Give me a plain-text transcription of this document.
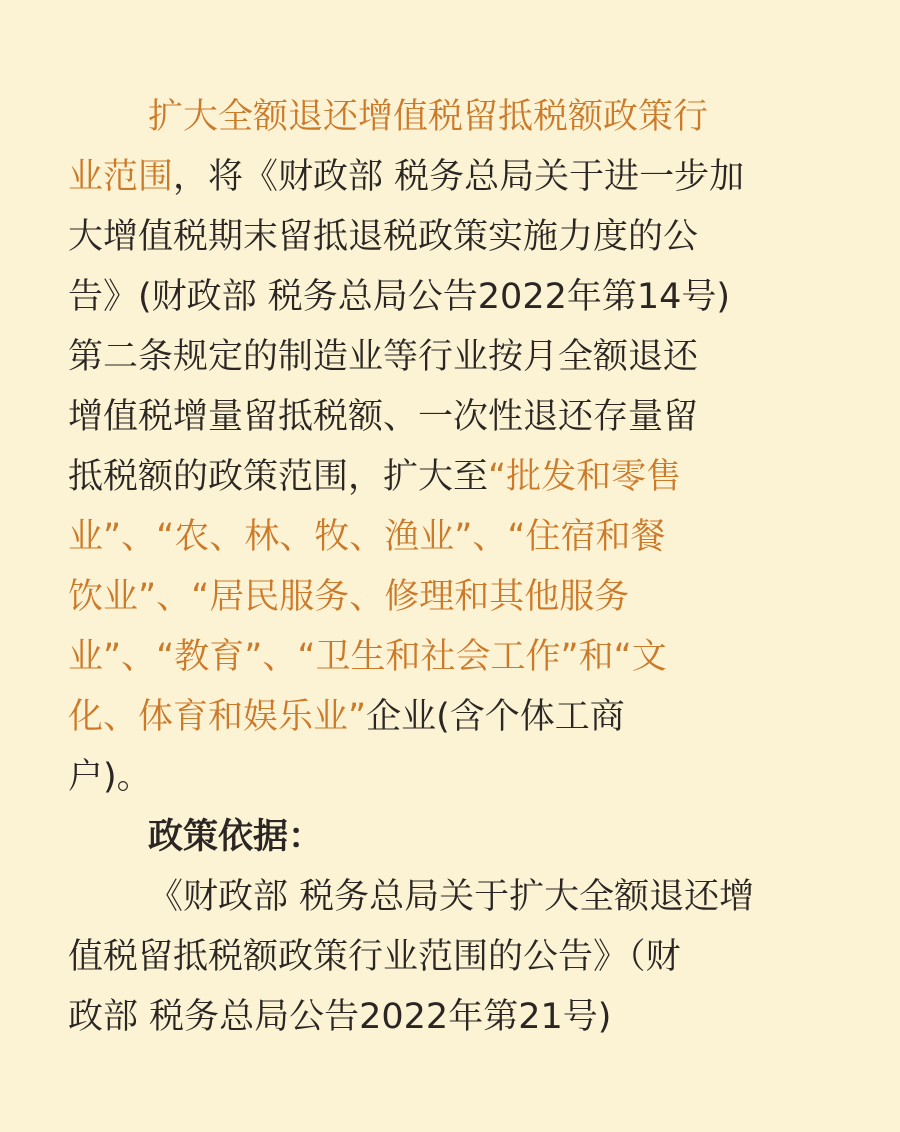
扩大全额退还增值税留抵税额政策行
业范围，将《财政部 税务总局关于进一步加
大增值税期末留抵退税政策实施力度的公
告》(财政部 税务总局公告2022年第14号)
第二条规定的制造业等行业按月全额退还
增值税增量留抵税额、一次性退还存量留
抵税额的政策范围，扩大至“批发和零售
业”、“农、林、牧、渔业”、“住宿和餐
饮业”、“居民服务、修理和其他服务
业”、“教育”、“卫生和社会工作”和“文
化、体育和娱乐业”企业(含个体工商
户)。
政策依据：
《财政部 税务总局关于扩大全额退还增
值税留抵税额政策行业范围的公告》（财
政部 税务总局公告2022年第21号)
